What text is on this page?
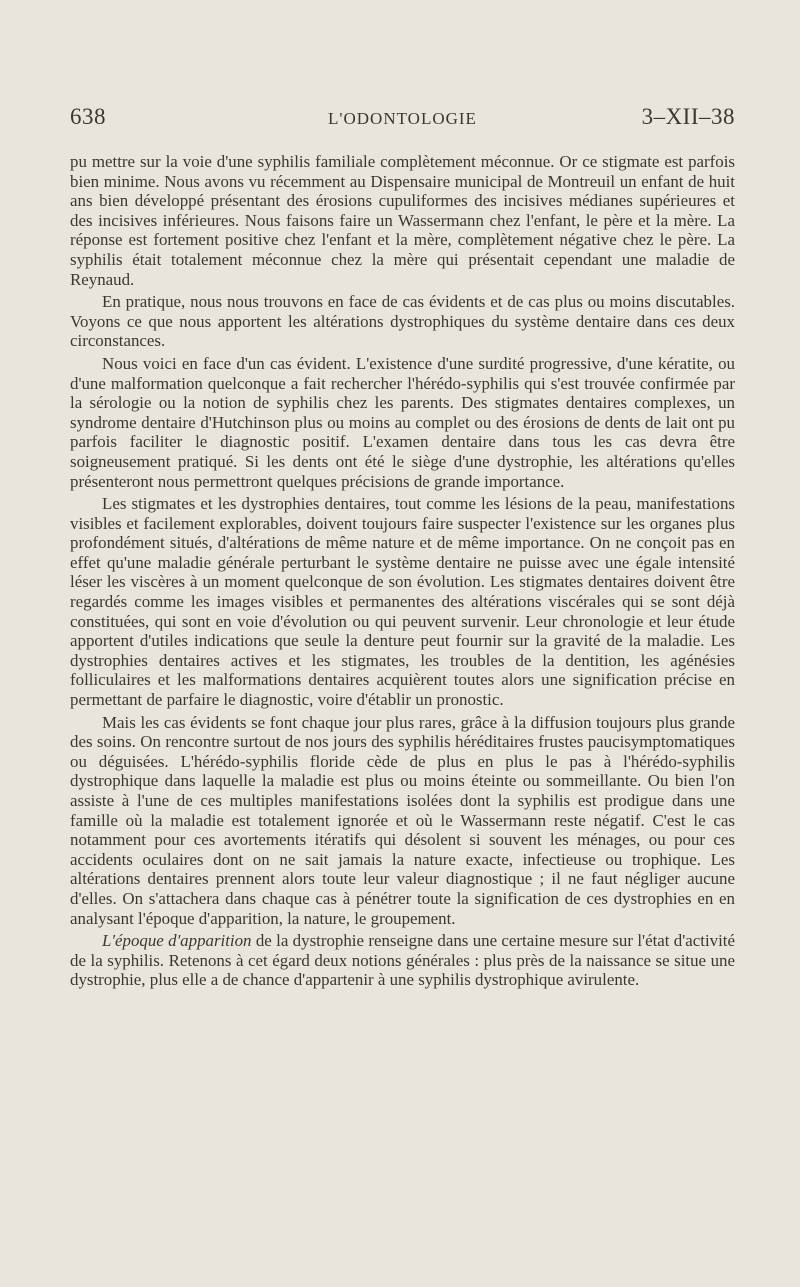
638	L'ODONTOLOGIE	3–XII–38

pu mettre sur la voie d'une syphilis familiale complètement méconnue. Or ce stigmate est parfois bien minime. Nous avons vu récemment au Dispensaire municipal de Montreuil un enfant de huit ans bien développé présentant des érosions cupuliformes des incisives médianes supérieures et des incisives inférieures. Nous faisons faire un Wassermann chez l'enfant, le père et la mère. La réponse est fortement positive chez l'enfant et la mère, complètement négative chez le père. La syphilis était totalement méconnue chez la mère qui présentait cependant une maladie de Reynaud.

En pratique, nous nous trouvons en face de cas évidents et de cas plus ou moins discutables. Voyons ce que nous apportent les altérations dystrophiques du système dentaire dans ces deux circonstances.

Nous voici en face d'un cas évident. L'existence d'une surdité progressive, d'une kératite, ou d'une malformation quelconque a fait rechercher l'hérédo-syphilis qui s'est trouvée confirmée par la sérologie ou la notion de syphilis chez les parents. Des stigmates dentaires complexes, un syndrome dentaire d'Hutchinson plus ou moins au complet ou des érosions de dents de lait ont pu parfois faciliter le diagnostic positif. L'examen dentaire dans tous les cas devra être soigneusement pratiqué. Si les dents ont été le siège d'une dystrophie, les altérations qu'elles présenteront nous permettront quelques précisions de grande importance.

Les stigmates et les dystrophies dentaires, tout comme les lésions de la peau, manifestations visibles et facilement explorables, doivent toujours faire suspecter l'existence sur les organes plus profondément situés, d'altérations de même nature et de même importance. On ne conçoit pas en effet qu'une maladie générale perturbant le système dentaire ne puisse avec une égale intensité léser les viscères à un moment quelconque de son évolution. Les stigmates dentaires doivent être regardés comme les images visibles et permanentes des altérations viscérales qui se sont déjà constituées, qui sont en voie d'évolution ou qui peuvent survenir. Leur chronologie et leur étude apportent d'utiles indications que seule la denture peut fournir sur la gravité de la maladie. Les dystrophies dentaires actives et les stigmates, les troubles de la dentition, les agénésies folliculaires et les malformations dentaires acquièrent toutes alors une signification précise en permettant de parfaire le diagnostic, voire d'établir un pronostic.

Mais les cas évidents se font chaque jour plus rares, grâce à la diffusion toujours plus grande des soins. On rencontre surtout de nos jours des syphilis héréditaires frustes paucisymptomatiques ou déguisées. L'hérédo-syphilis floride cède de plus en plus le pas à l'hérédo-syphilis dystrophique dans laquelle la maladie est plus ou moins éteinte ou sommeillante. Ou bien l'on assiste à l'une de ces multiples manifestations isolées dont la syphilis est prodigue dans une famille où la maladie est totalement ignorée et où le Wassermann reste négatif. C'est le cas notamment pour ces avortements itératifs qui désolent si souvent les ménages, ou pour ces accidents oculaires dont on ne sait jamais la nature exacte, infectieuse ou trophique. Les altérations dentaires prennent alors toute leur valeur diagnostique ; il ne faut négliger aucune d'elles. On s'attachera dans chaque cas à pénétrer toute la signification de ces dystrophies en en analysant l'époque d'apparition, la nature, le groupement.

L'époque d'apparition de la dystrophie renseigne dans une certaine mesure sur l'état d'activité de la syphilis. Retenons à cet égard deux notions générales : plus près de la naissance se situe une dystrophie, plus elle a de chance d'appartenir à une syphilis dystrophique avirulente.
